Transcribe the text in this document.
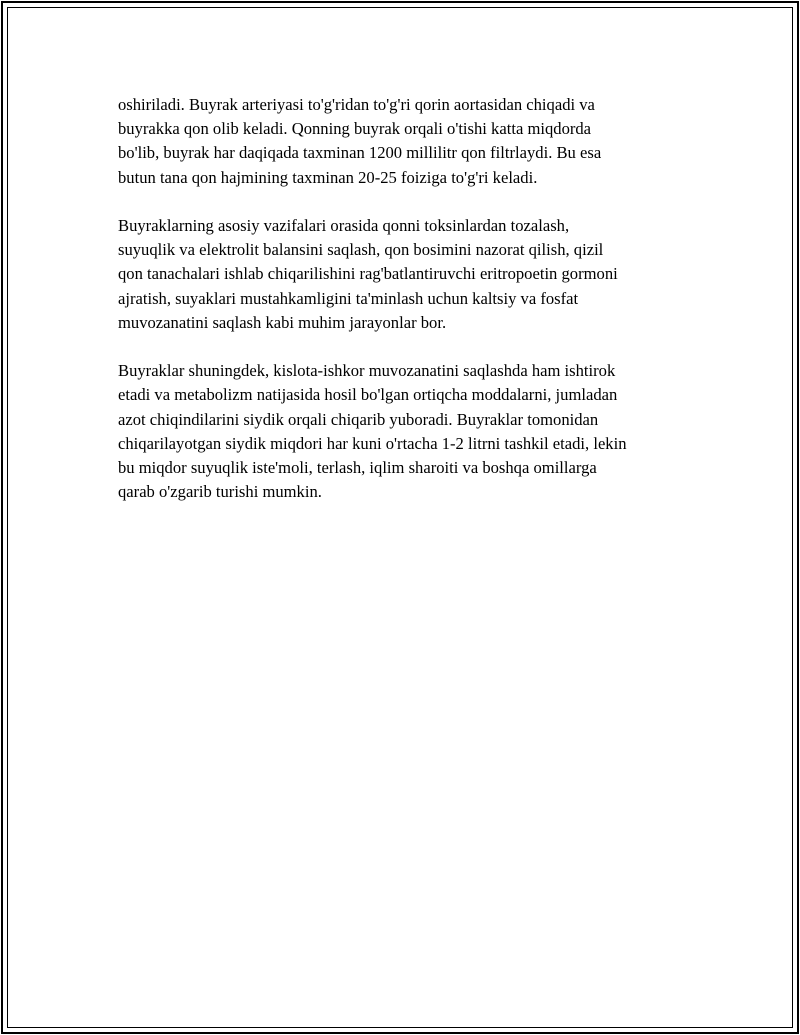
oshiriladi. Buyrak arteriyasi to'g'ridan to'g'ri qorin aortasidan chiqadi va
buyrakka qon olib keladi. Qonning buyrak orqali o'tishi katta miqdorda
bo'lib, buyrak har daqiqada taxminan 1200 millilitr qon filtrlaydi. Bu esa
butun tana qon hajmining taxminan 20-25 foiziga to'g'ri keladi.

Buyraklarning asosiy vazifalari orasida qonni toksinlardan tozalash,
suyuqlik va elektrolit balansini saqlash, qon bosimini nazorat qilish, qizil
qon tanachalari ishlab chiqarilishini rag'batlantiruvchi eritropoetin gormoni
ajratish, suyaklari mustahkamligini ta'minlash uchun kaltsiy va fosfat
muvozanatini saqlash kabi muhim jarayonlar bor.

Buyraklar shuningdek, kislota-ishkor muvozanatini saqlashda ham ishtirok
etadi va metabolizm natijasida hosil bo'lgan ortiqcha moddalarni, jumladan
azot chiqindilarini siydik orqali chiqarib yuboradi. Buyraklar tomonidan
chiqarilayotgan siydik miqdori har kuni o'rtacha 1-2 litrni tashkil etadi, lekin
bu miqdor suyuqlik iste'moli, terlash, iqlim sharoiti va boshqa omillarga
qarab o'zgarib turishi mumkin.
